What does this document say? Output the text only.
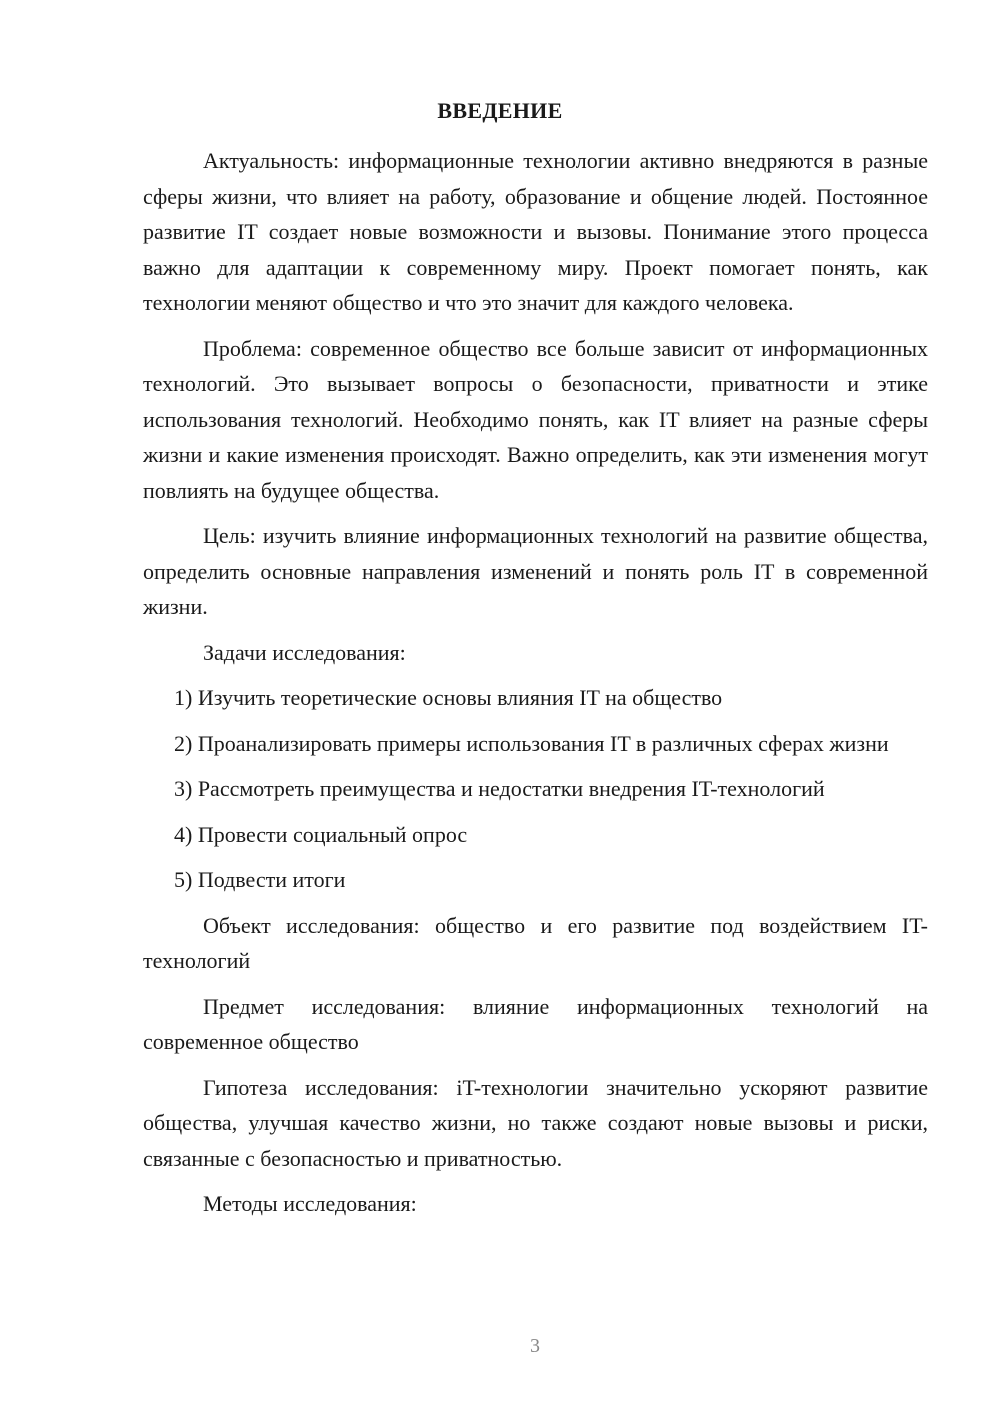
ВВЕДЕНИЕ

Актуальность: информационные технологии активно внедряются в разные сферы жизни, что влияет на работу, образование и общение людей. Постоянное развитие IT создает новые возможности и вызовы. Понимание этого процесса важно для адаптации к современному миру. Проект помогает понять, как технологии меняют общество и что это значит для каждого человека.

Проблема: современное общество все больше зависит от информационных технологий. Это вызывает вопросы о безопасности, приватности и этике использования технологий. Необходимо понять, как IT влияет на разные сферы жизни и какие изменения происходят. Важно определить, как эти изменения могут повлиять на будущее общества.

Цель: изучить влияние информационных технологий на развитие общества, определить основные направления изменений и понять роль IT в современной жизни.

Задачи исследования:

1) Изучить теоретические основы влияния IT на общество

2) Проанализировать примеры использования IT в различных сферах жизни

3) Рассмотреть преимущества и недостатки внедрения IT-технологий

4) Провести социальный опрос

5) Подвести итоги

Объект исследования: общество и его развитие под воздействием IT-технологий

Предмет исследования: влияние информационных технологий на современное общество

Гипотеза исследования: iT-технологии значительно ускоряют развитие общества, улучшая качество жизни, но также создают новые вызовы и риски, связанные с безопасностью и приватностью.

Методы исследования:

3
